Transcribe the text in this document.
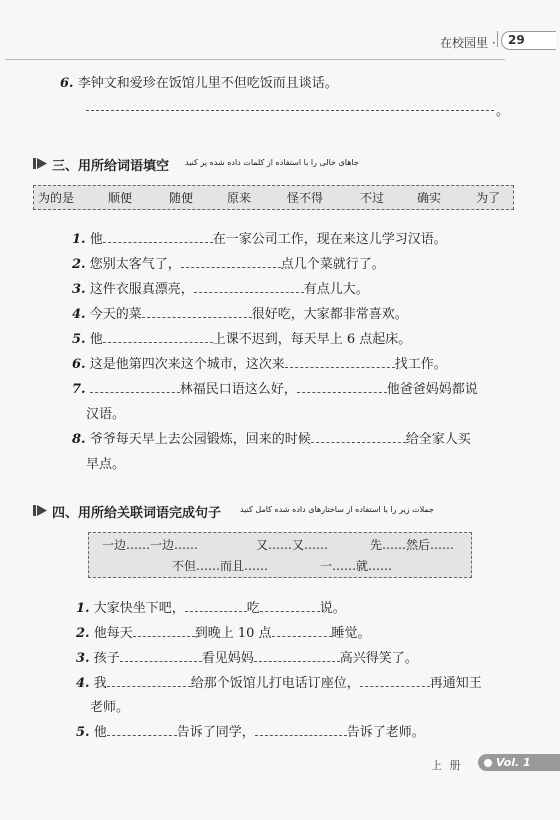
在校园里 · 29
6. 李钟文和爱珍在饭馆儿里不但吃饭而且谈话。
。
三、用所给词语填空 جاهای خالی را با استفاده از کلمات داده شده پر کنید
为的是	顺便	随便	原来	怪不得	不过	确实	为了
1. 他	在一家公司工作，现在来这儿学习汉语。
2. 您别太客气了，	点几个菜就行了。
3. 这件衣服真漂亮，	有点儿大。
4. 今天的菜	很好吃，大家都非常喜欢。
5. 他	上课不迟到，每天早上 6 点起床。
6. 这是他第四次来这个城市，这次来	找工作。
7.	林福民口语这么好，	他爸爸妈妈都说
汉语。
8. 爷爷每天早上去公园锻炼，回来的时候	给全家人买
早点。
四、用所给关联词语完成句子 جملات زیر را با استفاده از ساختارهای داده شده کامل کنید
一边……一边……	又……又……	先……然后……
不但……而且……	一……就……
1. 大家快坐下吧，	吃	说。
2. 他每天	到晚上 10 点	睡觉。
3. 孩子	看见妈妈	高兴得笑了。
4. 我	给那个饭馆儿打电话订座位，	再通知王
老师。
5. 他	告诉了同学，	告诉了老师。
上 册	Vol. 1
